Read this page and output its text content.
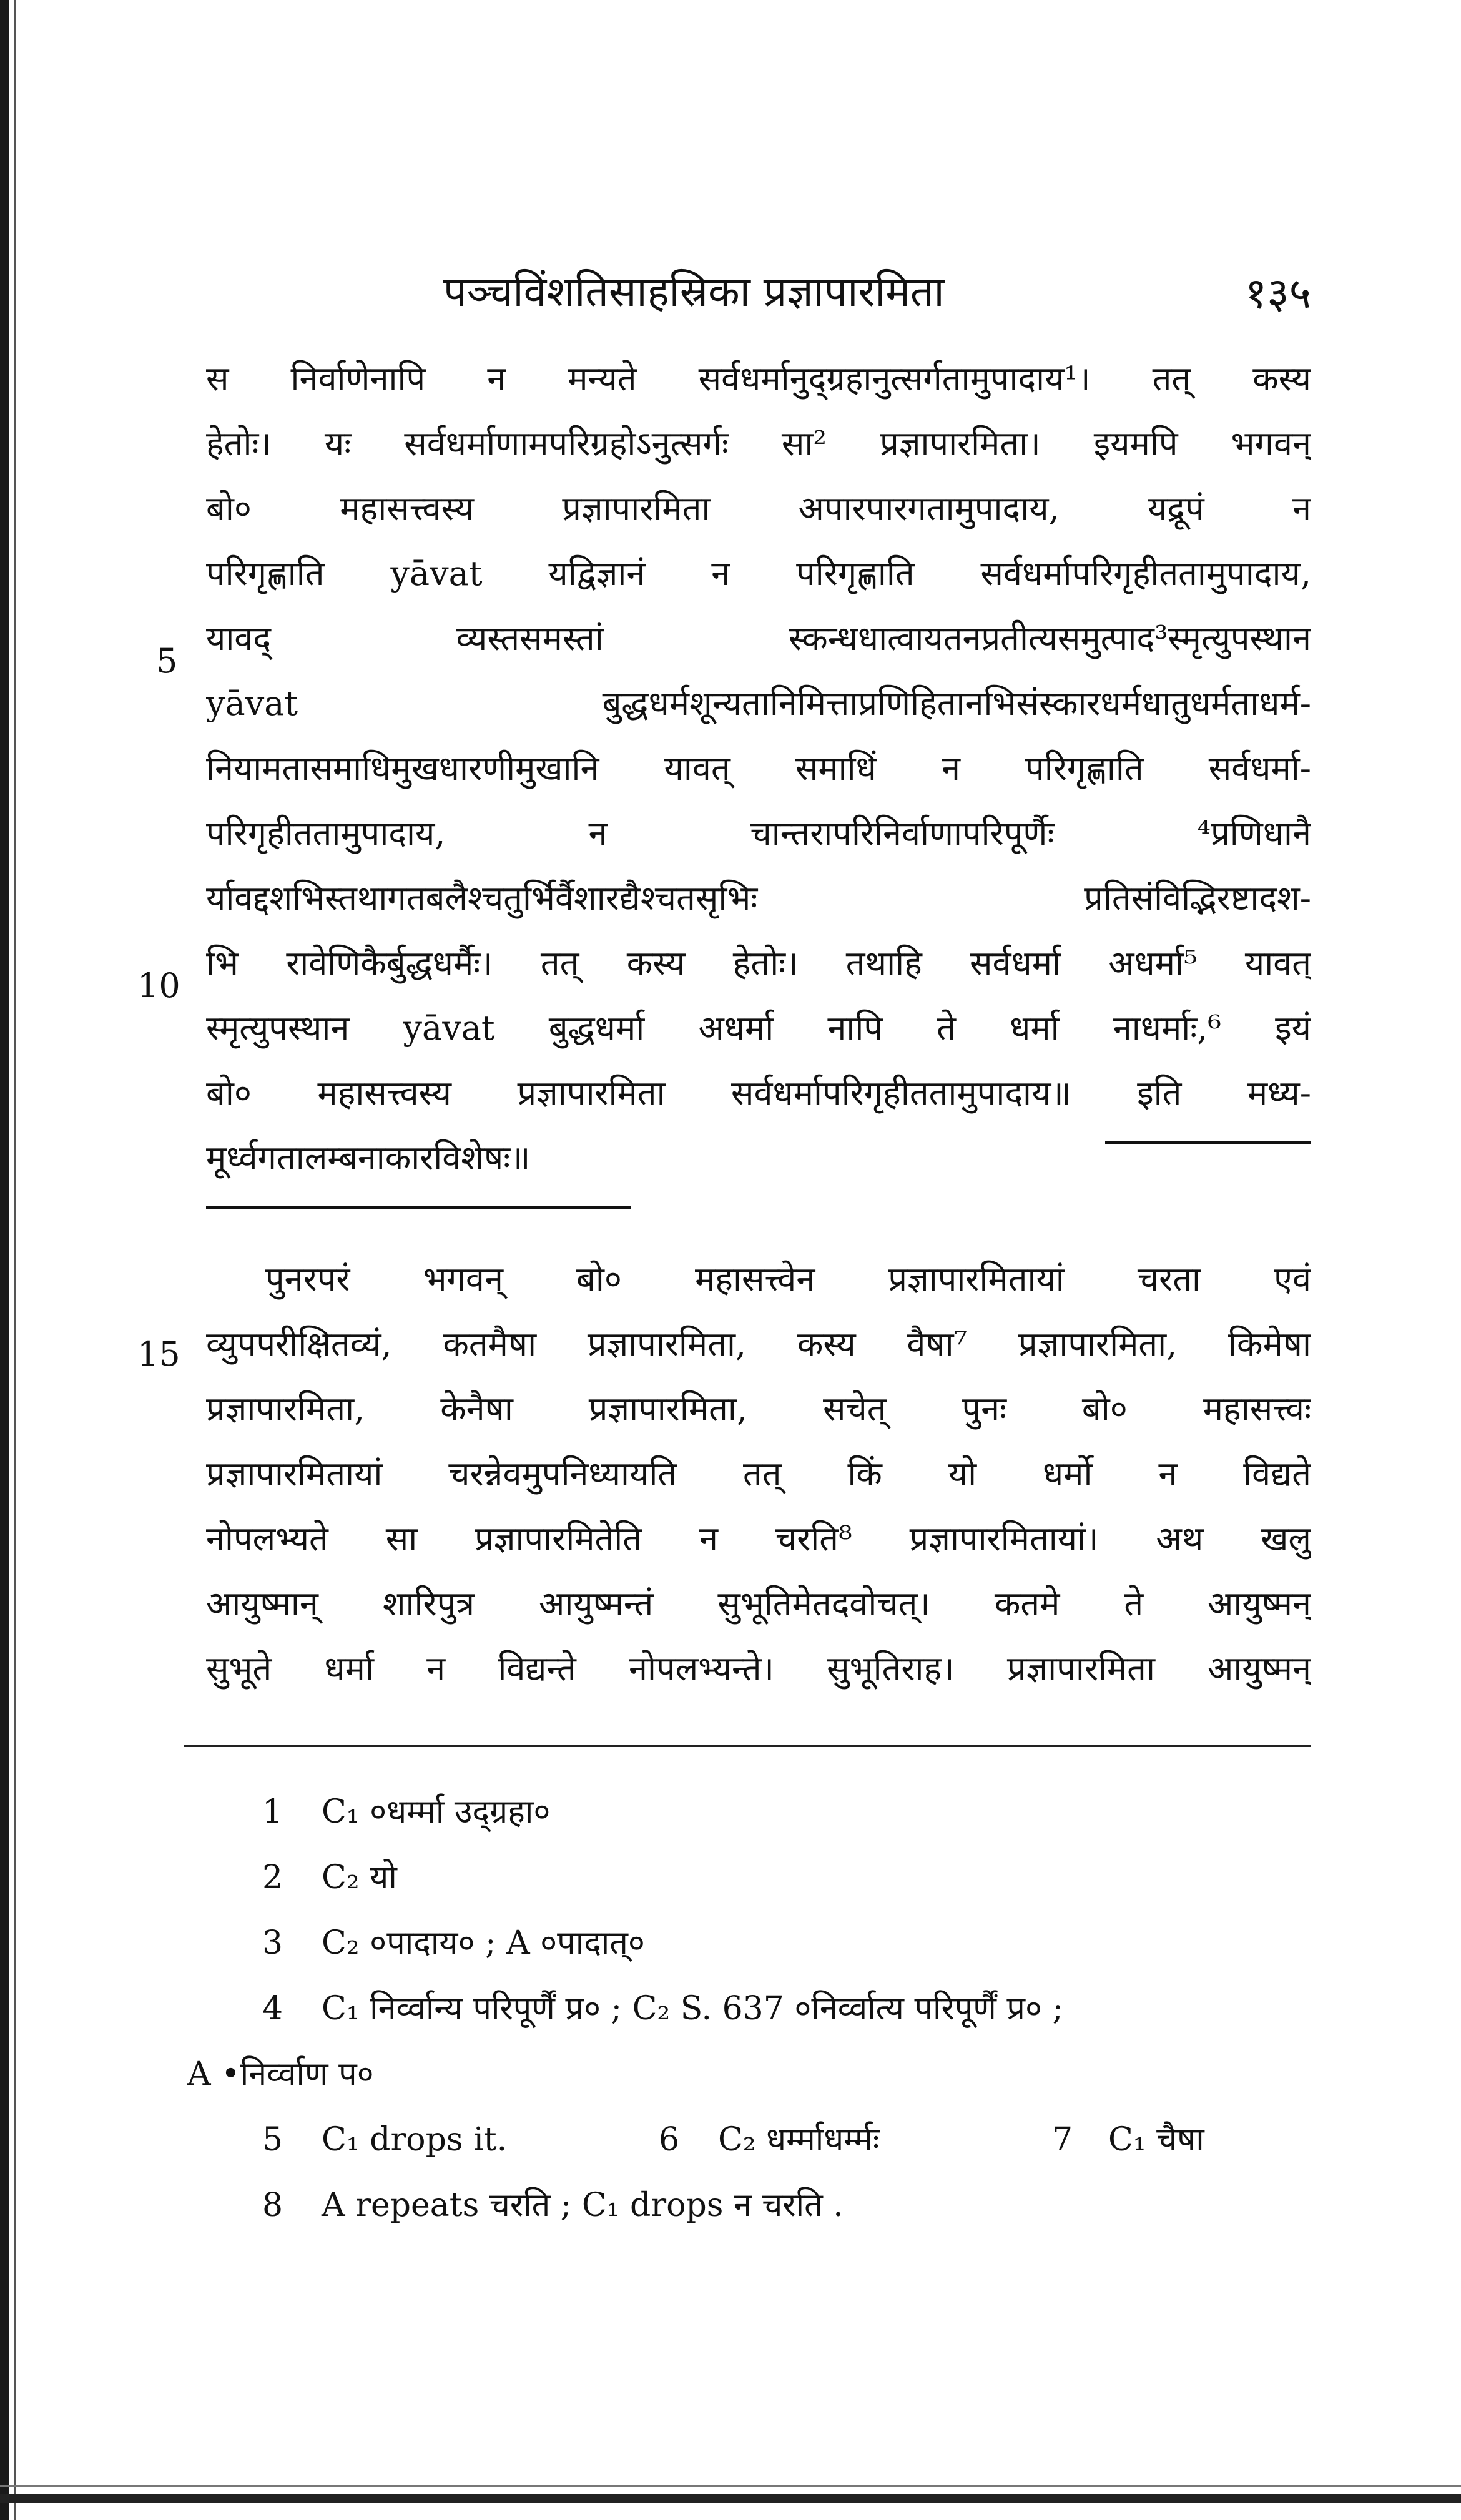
पञ्चविंशतिसाहस्रिका प्रज्ञापारमिता	१३५
5
10
15
स निर्वाणेनापि न मन्यते सर्वधर्मानुद्ग्रहानुत्सर्गतामुपादाय¹। तत् कस्य
हेतोः। यः सर्वधर्माणामपरिग्रहोऽनुत्सर्गः सा² प्रज्ञापारमिता। इयमपि भगवन्
बो० महासत्त्वस्य प्रज्ञापारमिता अपारपारगतामुपादाय, यद्रूपं न
परिगृह्णाति yāvat यद्विज्ञानं न परिगृह्णाति सर्वधर्मापरिगृहीततामुपादाय,
यावद् व्यस्तसमस्तां स्कन्धधात्वायतनप्रतीत्यसमुत्पाद³स्मृत्युपस्थान
yāvat बुद्धधर्मशून्यतानिमित्ताप्रणिहितानभिसंस्कारधर्मधातुधर्मताधर्म-
नियामतासमाधिमुखधारणीमुखानि यावत् समाधिं न परिगृह्णाति सर्वधर्मा-
परिगृहीततामुपादाय, न चान्तरापरिनिर्वाणापरिपूर्णैः ⁴प्रणिधानै
र्यावद्दशभिस्तथागतबलैश्चतुर्भिर्वैशारद्यैश्चतसृभिः प्रतिसंविद्भिरष्टादश-
भि रावेणिकैर्बुद्धधर्मैः। तत् कस्य हेतोः। तथाहि सर्वधर्मा अधर्मा⁵ यावत्
स्मृत्युपस्थान yāvat बुद्धधर्मा अधर्मा नापि ते धर्मा नाधर्माः,⁶ इयं
बो० महासत्त्वस्य प्रज्ञापारमिता सर्वधर्मापरिगृहीततामुपादाय॥ इति मध्य-
मूर्ध्वगतालम्बनाकारविशेषः॥
पुनरपरं भगवन् बो० महासत्त्वेन प्रज्ञापारमितायां चरता एवं
व्युपपरीक्षितव्यं, कतमैषा प्रज्ञापारमिता, कस्य वैषा⁷ प्रज्ञापारमिता, किमेषा
प्रज्ञापारमिता, केनैषा प्रज्ञापारमिता, सचेत् पुनः बो० महासत्त्वः
प्रज्ञापारमितायां चरन्नेवमुपनिध्यायति तत् किं यो धर्मो न विद्यते
नोपलभ्यते सा प्रज्ञापारमितेति न चरति⁸ प्रज्ञापारमितायां। अथ खलु
आयुष्मान् शारिपुत्र आयुष्मन्तं सुभूतिमेतदवोचत्। कतमे ते आयुष्मन्
सुभूते धर्मा न विद्यन्ते नोपलभ्यन्ते। सुभूतिराह। प्रज्ञापारमिता आयुष्मन्
1 C₁ ०धर्म्मा उद्ग्रहा०
2 C₂ यो
3 C₂ ०पादाय० ; A ०पादात्०
4 C₁ निर्व्वान्य परिपूर्णैं प्र० ; C₂ S. 637 ०निर्व्वात्य परिपूर्णैं प्र० ;
A •निर्व्वाण प०
5 C₁ drops it.	6 C₂ धर्म्माधर्म्मः	7 C₁ चैषा
8 A repeats चरति ; C₁ drops न चरति .
